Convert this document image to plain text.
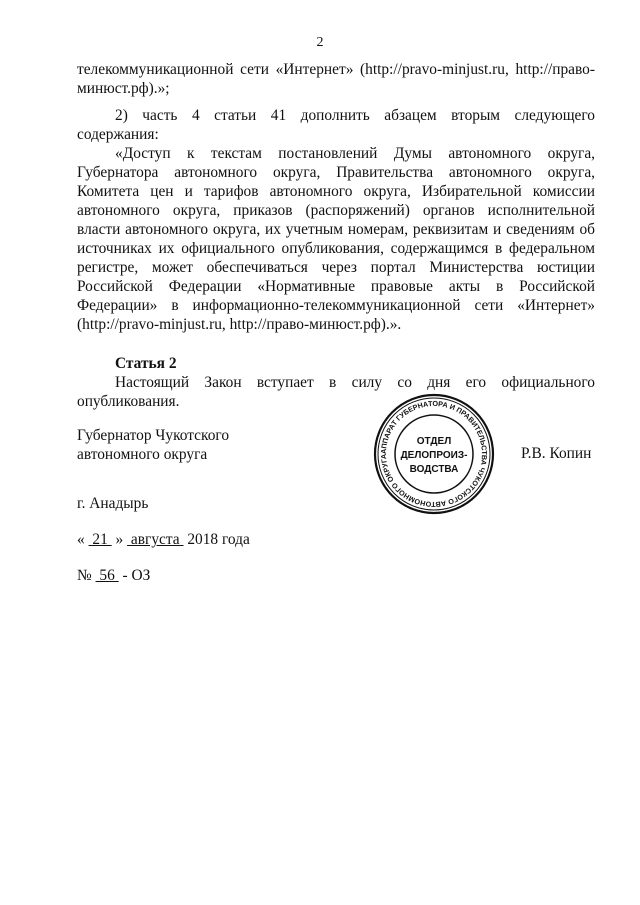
2

телекоммуникационной сети «Интернет» (http://pravo-minjust.ru, http://право-минюст.рф).»;

2) часть 4 статьи 41 дополнить абзацем вторым следующего содержания:

«Доступ к текстам постановлений Думы автономного округа, Губернатора автономного округа, Правительства автономного округа, Комитета цен и тарифов автономного округа, Избирательной комиссии автономного округа, приказов (распоряжений) органов исполнительной власти автономного округа, их учетным номерам, реквизитам и сведениям об источниках их официального опубликования, содержащимся в федеральном регистре, может обеспечиваться через портал Министерства юстиции Российской Федерации «Нормативные правовые акты в Российской Федерации» в информационно-телекоммуникационной сети «Интернет» (http://pravo-minjust.ru, http://право-минюст.рф).».

Статья 2

Настоящий Закон вступает в силу со дня его официального опубликования.

Губернатор Чукотского
автономного округа	АППАРАТ ГУБЕРНАТОРА И ПРАВИТЕЛЬСТВА ЧУКОТСКОГО АВТОНОМНОГО ОКРУГА
ОТДЕЛ
ДЕЛОПРОИЗ-
ВОДСТВА
Р.В. Копин
г. Анадырь
«  21  »  августа  2018 года
№  56  - ОЗ
